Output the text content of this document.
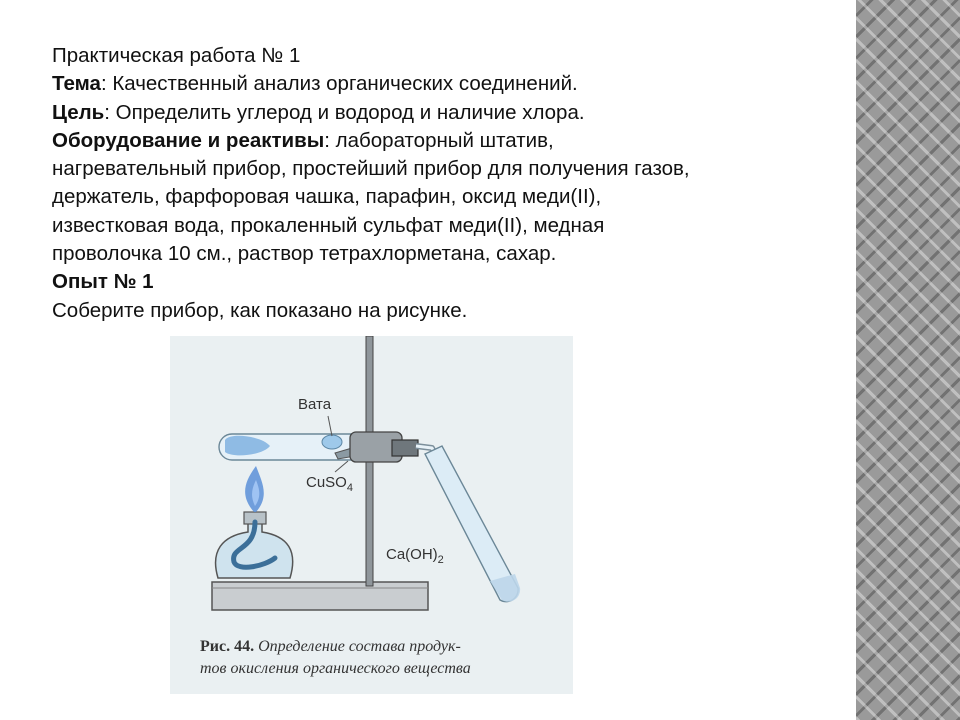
Практическая работа № 1
Тема: Качественный анализ органических соединений.
Цель: Определить углерод и водород и наличие хлора.
Оборудование и реактивы: лабораторный штатив,
нагревательный прибор, простейший прибор для получения газов,
держатель, фарфоровая чашка, парафин, оксид меди(II),
известковая вода, прокаленный сульфат меди(II), медная
проволочка 10 см., раствор тетрахлорметана, сахар.
Опыт № 1
Соберите прибор, как показано на рисунке.
Вата
CuSO$_4$
$Ca(OH)_2$
Рис. 44. Определение состава продук-
тов окисления органического вещества
